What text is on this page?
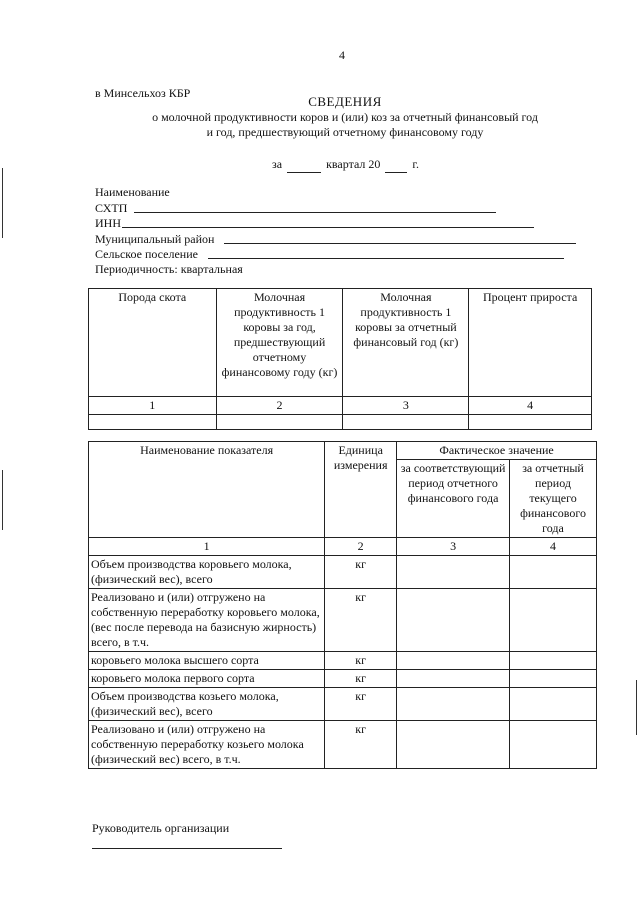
4
в Минсельхоз КБР
СВЕДЕНИЯ
о молочной продуктивности коров и (или) коз за отчетный финансовый год
и год, предшествующий отчетному финансовому году
за	квартал 20	г.
Наименование
СХТП
ИНН
Муниципальный район
Сельское поселение
Периодичность: квартальная
Порода скота	Молочная продуктивность 1 коровы за год, предшествующий отчетному финансовому году (кг)	Молочная продуктивность 1 коровы за отчетный финансовый год (кг)	Процент прироста
1	2	3	4

Наименование показателя	Единица измерения	Фактическое значение	
		за соответствующий период отчетного финансового года	за отчетный период текущего финансового года
1	2	3	4
Объем производства коровьего молока, (физический вес), всего	кг		
Реализовано и (или) отгружено на собственную переработку коровьего молока, (вес после перевода на базисную жирность) всего, в т.ч.	кг		
коровьего молока высшего сорта	кг		
коровьего молока первого сорта	кг		
Объем производства козьего молока, (физический вес), всего	кг		
Реализовано и (или) отгружено на собственную переработку козьего молока (физический вес) всего, в т.ч.	кг		
Руководитель организации
